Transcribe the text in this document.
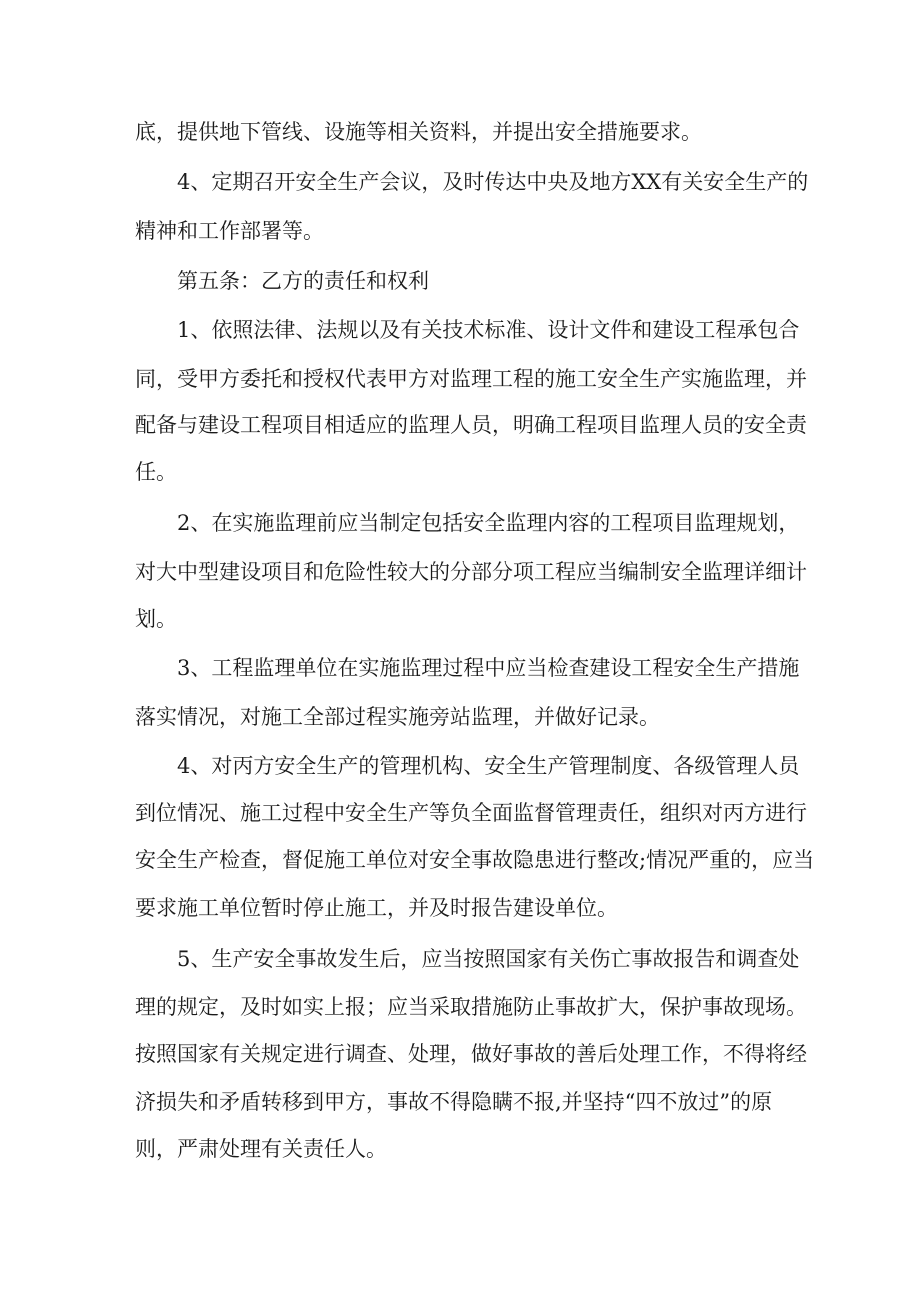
底，提供地下管线、设施等相关资料，并提出安全措施要求。
4、定期召开安全生产会议，及时传达中央及地方XX有关安全生产的
精神和工作部署等。
第五条：乙方的责任和权利
1、依照法律、法规以及有关技术标准、设计文件和建设工程承包合
同，受甲方委托和授权代表甲方对监理工程的施工安全生产实施监理，并
配备与建设工程项目相适应的监理人员，明确工程项目监理人员的安全责
任。
2、在实施监理前应当制定包括安全监理内容的工程项目监理规划，
对大中型建设项目和危险性较大的分部分项工程应当编制安全监理详细计
划。
3、工程监理单位在实施监理过程中应当检查建设工程安全生产措施
落实情况，对施工全部过程实施旁站监理，并做好记录。
4、对丙方安全生产的管理机构、安全生产管理制度、各级管理人员
到位情况、施工过程中安全生产等负全面监督管理责任，组织对丙方进行
安全生产检查，督促施工单位对安全事故隐患进行整改;情况严重的，应当
要求施工单位暂时停止施工，并及时报告建设单位。
5、生产安全事故发生后，应当按照国家有关伤亡事故报告和调查处
理的规定，及时如实上报；应当采取措施防止事故扩大，保护事故现场。
按照国家有关规定进行调查、处理，做好事故的善后处理工作，不得将经
济损失和矛盾转移到甲方，事故不得隐瞒不报,并坚持“四不放过”的原
则，严肃处理有关责任人。
